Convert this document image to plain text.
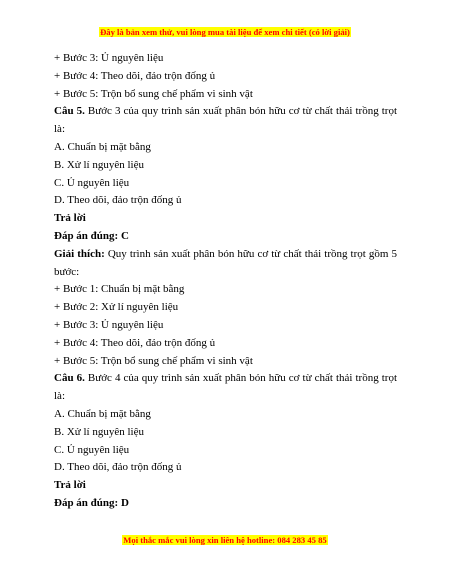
Đây là bản xem thử, vui lòng mua tài liệu để xem chi tiết (có lời giải)
+ Bước 3: Ủ nguyên liệu
+ Bước 4: Theo dõi, đảo trộn đống ủ
+ Bước 5: Trộn bổ sung chế phẩm vi sinh vật
Câu 5. Bước 3 của quy trình sản xuất phân bón hữu cơ từ chất thải trồng trọt
là:
A. Chuẩn bị mặt bằng
B. Xử lí nguyên liệu
C. Ủ nguyên liệu
D. Theo dõi, đảo trộn đống ủ
Trả lời
Đáp án đúng: C
Giải thích: Quy trình sản xuất phân bón hữu cơ từ chất thải trồng trọt gồm 5
bước:
+ Bước 1: Chuẩn bị mặt bằng
+ Bước 2: Xử lí nguyên liệu
+ Bước 3: Ủ nguyên liệu
+ Bước 4: Theo dõi, đảo trộn đống ủ
+ Bước 5: Trộn bổ sung chế phẩm vi sinh vật
Câu 6. Bước 4 của quy trình sản xuất phân bón hữu cơ từ chất thải trồng trọt
là:
A. Chuẩn bị mặt bằng
B. Xử lí nguyên liệu
C. Ủ nguyên liệu
D. Theo dõi, đảo trộn đống ủ
Trả lời
Đáp án đúng: D
Mọi thắc mắc vui lòng xin liên hệ hotline: 084 283 45 85
